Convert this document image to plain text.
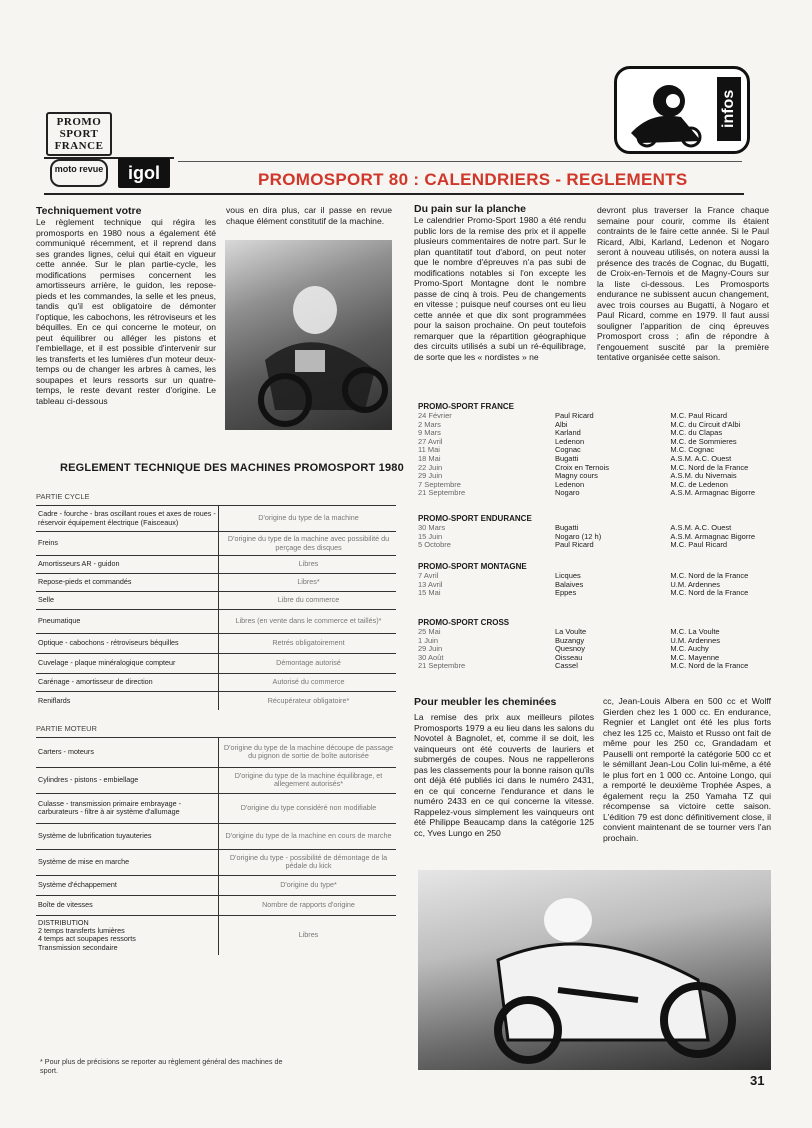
PROMO
SPORT
FRANCE
moto revue	igol	PROMOSPORT 80 : CALENDRIERS - REGLEMENTS
infos
Techniquement votre
Le règlement technique qui régira les promosports en 1980 nous a également été communiqué récemment, et il reprend dans ses grandes lignes, celui qui était en vigueur cette année. Sur le plan partie-cycle, les modifications permises concernent les amortisseurs arrière, le guidon, les repose-pieds et les commandes, la selle et les pneus, tandis qu'il est obligatoire de démonter l'optique, les cabochons, les rétroviseurs et les béquilles. En ce qui concerne le moteur, on peut équilibrer ou alléger les pistons et l'embiellage, et il est possible d'intervenir sur les transferts et les lumières d'un moteur deux-temps ou de changer les arbres à cames, les soupapes et leurs ressorts sur un quatre-temps, le reste devant rester d'origine. Le tableau ci-dessous
vous en dira plus, car il passe en revue chaque élément constitutif de la machine.
Du pain sur la planche
Le calendrier Promo-Sport 1980 a été rendu public lors de la remise des prix et il appelle plusieurs commentaires de notre part. Sur le plan quantitatif tout d'abord, on peut noter que le nombre d'épreuves n'a pas subi de modifications notables si l'on excepte les Promo-Sport Montagne dont le nombre passe de cinq à trois. Peu de changements en vitesse ; puisque neuf courses ont eu lieu cette année et que dix sont programmées pour la saison prochaine. On peut toutefois remarquer que la répartition géographique des circuits utilisés a subi un ré-équilibrage, de sorte que les « nordistes » ne
devront plus traverser la France chaque semaine pour courir, comme ils étaient contraints de le faire cette année. Si le Paul Ricard, Albi, Karland, Ledenon et Nogaro seront à nouveau utilisés, on notera aussi la présence des tracés de Cognac, du Bugatti, de Croix-en-Ternois et de Magny-Cours sur la liste ci-dessous. Les Promosports endurance ne subissent aucun changement, avec trois courses au Bugatti, à Nogaro et Paul Ricard, comme en 1979. Il faut aussi souligner l'apparition de cinq épreuves Promosport cross ; afin de répondre à l'engouement suscité par la première tentative organisée cette saison.
PROMO-SPORT FRANCE
24 Février	Paul Ricard	M.C. Paul Ricard
2 Mars	Albi	M.C. du Circuit d'Albi
9 Mars	Karland	M.C. du Clapas
27 Avril	Ledenon	M.C. de Sommieres
11 Mai	Cognac	M.C. Cognac
18 Mai	Bugatti	A.S.M. A.C. Ouest
22 Juin	Croix en Ternois	M.C. Nord de la France
29 Juin	Magny cours	A.S.M. du Nivernais
7 Septembre	Ledenon	M.C. de Ledenon
21 Septembre	Nogaro	A.S.M. Armagnac Bigorre
PROMO-SPORT ENDURANCE
30 Mars	Bugatti	A.S.M. A.C. Ouest
15 Juin	Nogaro (12 h)	A.S.M. Armagnac Bigorre
5 Octobre	Paul Ricard	M.C. Paul Ricard
PROMO-SPORT MONTAGNE
7 Avril	Licques	M.C. Nord de la France
13 Avril	Balaives	U.M. Ardennes
15 Mai	Eppes	M.C. Nord de la France
PROMO-SPORT CROSS
25 Mai	La Voulte	M.C. La Voulte
1 Juin	Buzangy	U.M. Ardennes
29 Juin	Quesnoy	M.C. Auchy
30 Août	Oisseau	M.C. Mayenne
21 Septembre	Cassel	M.C. Nord de la France
Pour meubler les cheminées
La remise des prix aux meilleurs pilotes Promosports 1979 a eu lieu dans les salons du Novotel à Bagnolet, et, comme il se doit, les vainqueurs ont été couverts de lauriers et submergés de coupes. Nous ne rappellerons pas les classements pour la bonne raison qu'ils ont déjà été publiés ici dans le numéro 2431, en ce qui concerne l'endurance et dans le numéro 2433 en ce qui concerne la vitesse. Rappelez-vous simplement les vainqueurs ont été Philippe Beaucamp dans la catégorie 125 cc, Yves Lungo en 250
cc, Jean-Louis Albera en 500 cc et Wolff Gierden chez les 1 000 cc. En endurance, Regnier et Langlet ont été les plus forts chez les 125 cc, Maisto et Russo ont fait de même pour les 250 cc, Grandadam et Pauselli ont remporté la catégorie 500 cc et le sémillant Jean-Lou Colin lui-même, a été le plus fort en 1 000 cc. Antoine Longo, qui a remporté le deuxième Trophée Aspes, a également reçu la 250 Yamaha TZ qui récompense sa victoire cette saison. L'édition 79 est donc définitivement close, il convient maintenant de se tourner vers l'an prochain.
REGLEMENT TECHNIQUE DES MACHINES PROMOSPORT 1980
PARTIE CYCLE
Cadre - fourche - bras oscillant roues et axes de roues - réservoir équipement électrique (Faisceaux)	D'origine du type de la machine
Freins	D'origine du type de la machine avec possibilité du perçage des disques
Amortisseurs AR - guidon	Libres
Repose-pieds et commandés	Libres*
Selle	Libre du commerce
Pneumatique	Libres (en vente dans le commerce et taillés)*
Optique - cabochons - rétroviseurs béquilles	Retrés obligatoirement
Cuvelage - plaque minéralogique compteur	Démontage autorisé
Carénage - amortisseur de direction	Autorisé du commerce
Reniflards	Récupérateur obligatoire*
PARTIE MOTEUR
Carters - moteurs	D'origine du type de la machine découpe de passage du pignon de sortie de boîte autorisée
Cylindres - pistons - embiellage	D'origine du type de la machine équilibrage, et allegement autorisés*
Culasse - transmission primaire embrayage - carburateurs - filtre à air système d'allumage	D'origine du type considéré non modifiable
Système de lubrification tuyauteries	D'origine du type de la machine en cours de marche
Système de mise en marche	D'origine du type - possibilité de démontage de la pédale du kick
Système d'échappement	D'origine du type*
Boîte de vitesses	Nombre de rapports d'origine
DISTRIBUTION
2 temps transferts lumières
4 temps act soupapes ressorts
Transmission secondaire	Libres
* Pour plus de précisions se reporter au règlement général des machines de sport.
31
